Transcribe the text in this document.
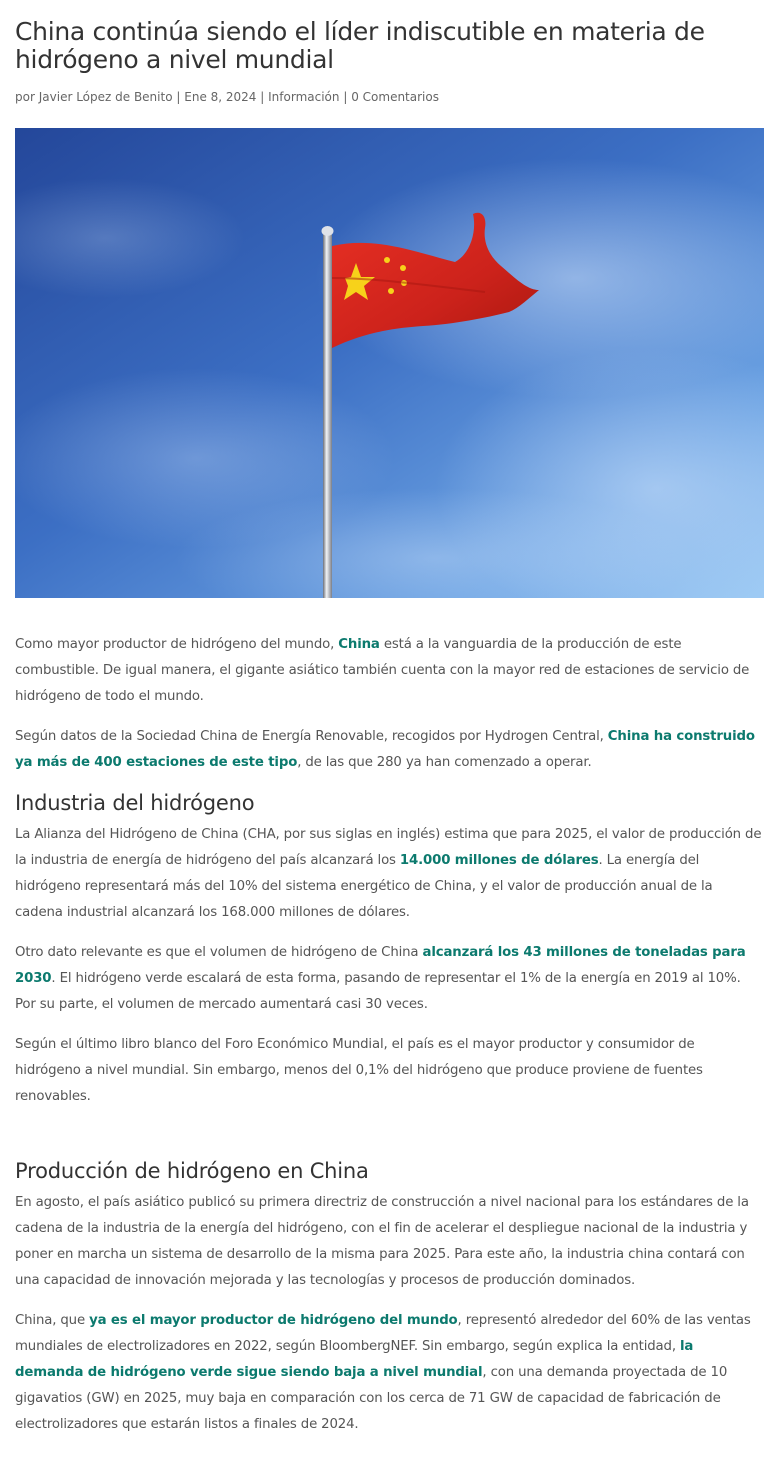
China continúa siendo el líder indiscutible en materia de hidrógeno a nivel mundial
por Javier López de Benito | Ene 8, 2024 | Información | 0 Comentarios

Como mayor productor de hidrógeno del mundo, China está a la vanguardia de la producción de este combustible. De igual manera, el gigante asiático también cuenta con la mayor red de estaciones de servicio de hidrógeno de todo el mundo.

Según datos de la Sociedad China de Energía Renovable, recogidos por Hydrogen Central, China ha construido ya más de 400 estaciones de este tipo, de las que 280 ya han comenzado a operar.

Industria del hidrógeno

La Alianza del Hidrógeno de China (CHA, por sus siglas en inglés) estima que para 2025, el valor de producción de la industria de energía de hidrógeno del país alcanzará los 14.000 millones de dólares. La energía del hidrógeno representará más del 10% del sistema energético de China, y el valor de producción anual de la cadena industrial alcanzará los 168.000 millones de dólares.

Otro dato relevante es que el volumen de hidrógeno de China alcanzará los 43 millones de toneladas para 2030. El hidrógeno verde escalará de esta forma, pasando de representar el 1% de la energía en 2019 al 10%. Por su parte, el volumen de mercado aumentará casi 30 veces.

Según el último libro blanco del Foro Económico Mundial, el país es el mayor productor y consumidor de hidrógeno a nivel mundial. Sin embargo, menos del 0,1% del hidrógeno que produce proviene de fuentes renovables.

Producción de hidrógeno en China

En agosto, el país asiático publicó su primera directriz de construcción a nivel nacional para los estándares de la cadena de la industria de la energía del hidrógeno, con el fin de acelerar el despliegue nacional de la industria y poner en marcha un sistema de desarrollo de la misma para 2025. Para este año, la industria china contará con una capacidad de innovación mejorada y las tecnologías y procesos de producción dominados.

China, que ya es el mayor productor de hidrógeno del mundo, representó alrededor del 60% de las ventas mundiales de electrolizadores en 2022, según BloombergNEF. Sin embargo, según explica la entidad, la demanda de hidrógeno verde sigue siendo baja a nivel mundial, con una demanda proyectada de 10 gigavatios (GW) en 2025, muy baja en comparación con los cerca de 71 GW de capacidad de fabricación de electrolizadores que estarán listos a finales de 2024.
